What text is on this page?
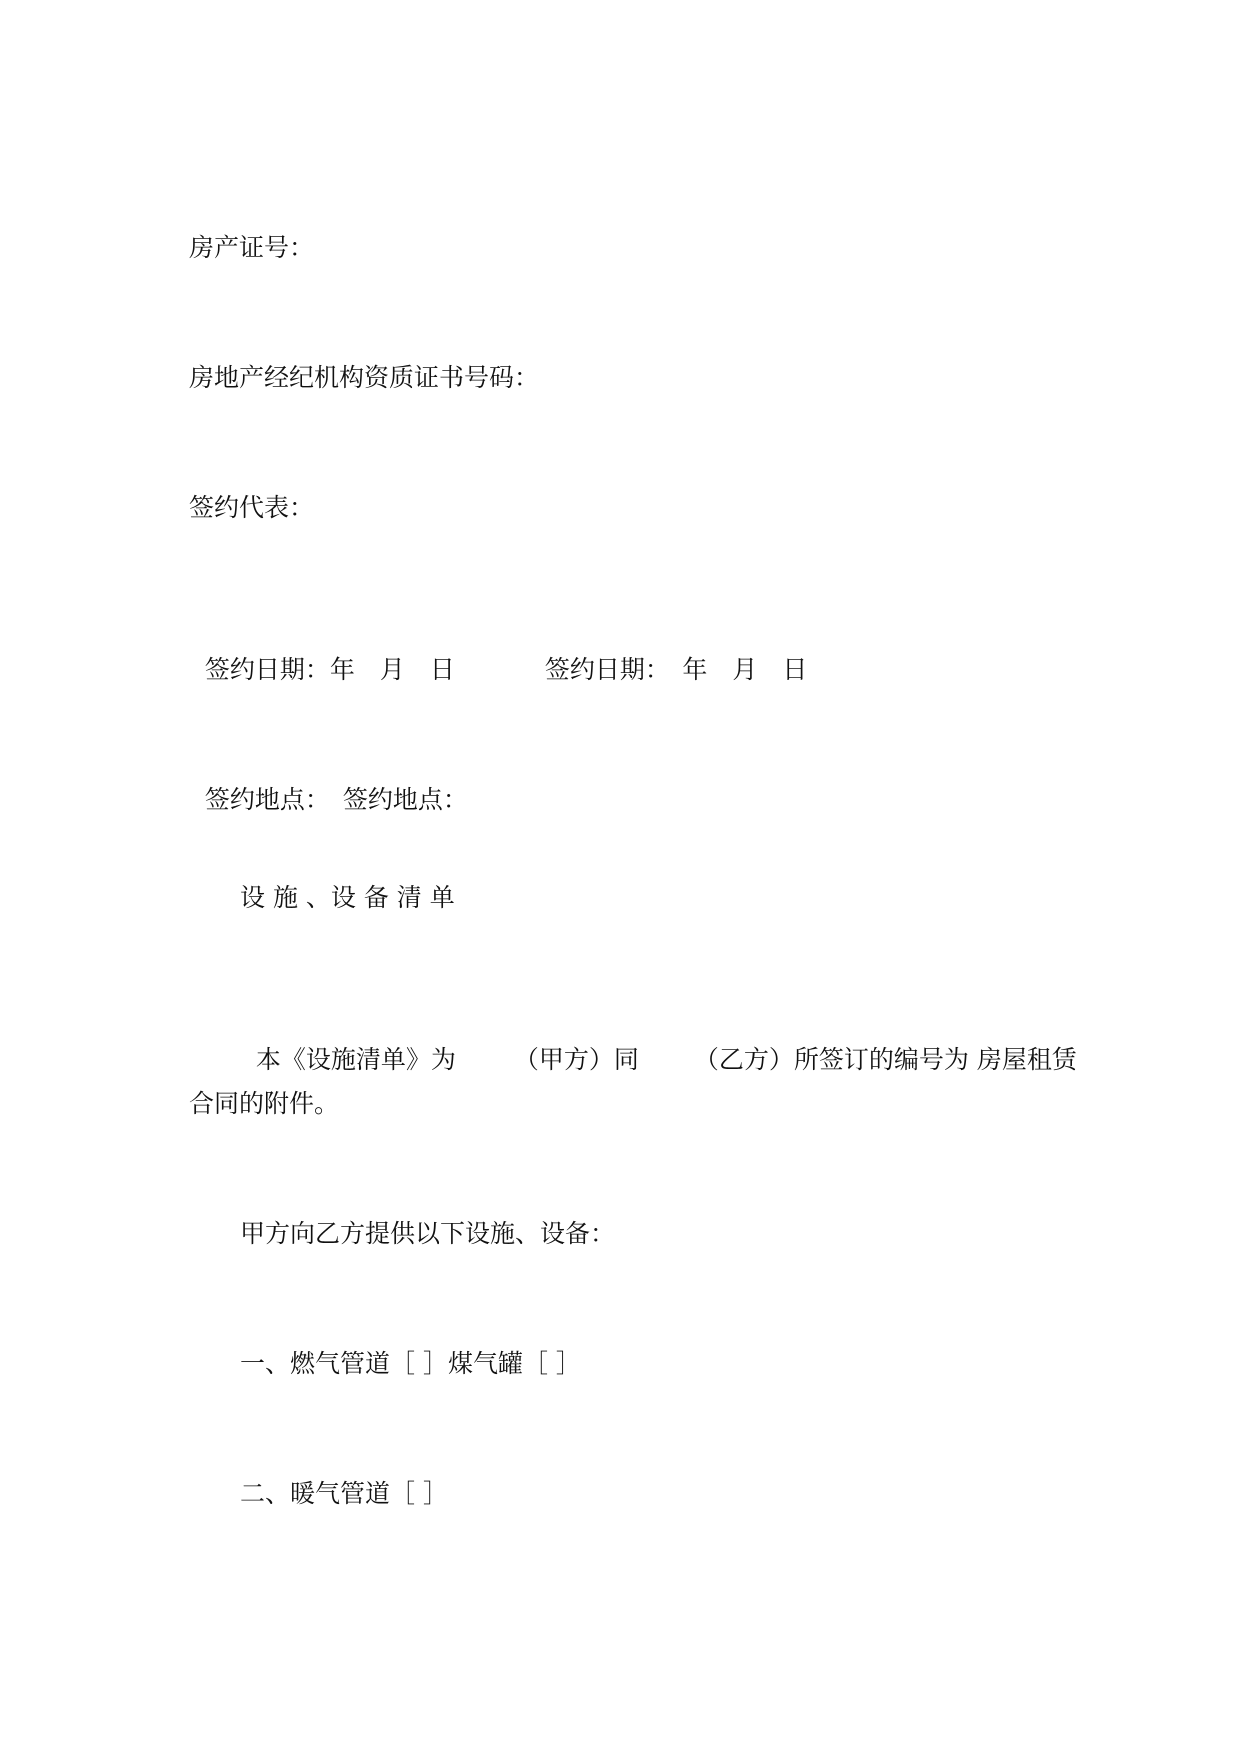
房产证号：

房地产经纪机构资质证书号码：

签约代表：

签约日期：年　月　日	签约日期：　年　月　日

签约地点： 签约地点：

设 施 、设 备 清 单

本《设施清单》为 （甲方）同 （乙方）所签订的编号为 房屋租赁

合同的附件。

甲方向乙方提供以下设施、设备：

一、燃气管道［ ］煤气罐［ ］

二、暖气管道［ ］
